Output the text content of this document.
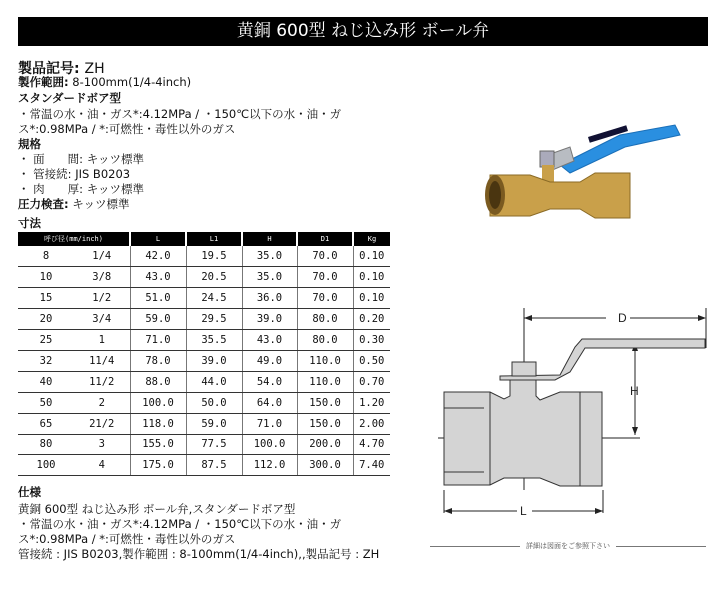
黄銅 600型 ねじ込み形 ボール弁
製品記号: ZH
製作範囲: 8-100mm(1/4-4inch)
スタンダードボア型
・常温の水・油・ガス*:4.12MPa / ・150℃以下の水・油・ガ
ス*:0.98MPa / *:可燃性・毒性以外のガス
規格
・ 面　　間: キッツ標準
・ 管接続: JIS B0203
・ 肉　　厚: キッツ標準
圧力検査: キッツ標準
寸法
呼び径(mm/inch)		L	L1	H	D1	Kg
8	1/4	42.0	19.5	35.0	70.0	0.10
10	3/8	43.0	20.5	35.0	70.0	0.10
15	1/2	51.0	24.5	36.0	70.0	0.10
20	3/4	59.0	29.5	39.0	80.0	0.20
25	1	71.0	35.5	43.0	80.0	0.30
32	11/4	78.0	39.0	49.0	110.0	0.50
40	11/2	88.0	44.0	54.0	110.0	0.70
50	2	100.0	50.0	64.0	150.0	1.20
65	21/2	118.0	59.0	71.0	150.0	2.00
80	3	155.0	77.5	100.0	200.0	4.70
100	4	175.0	87.5	112.0	300.0	7.40
仕様
黄銅 600型 ねじ込み形 ボール弁,スタンダードボア型
・常温の水・油・ガス*:4.12MPa / ・150℃以下の水・油・ガ
ス*:0.98MPa / *:可燃性・毒性以外のガス
管接続 : JIS B0203,製作範囲 : 8-100mm(1/4-4inch),,製品記号 : ZH
D
H
L
詳細は図面をご参照下さい
